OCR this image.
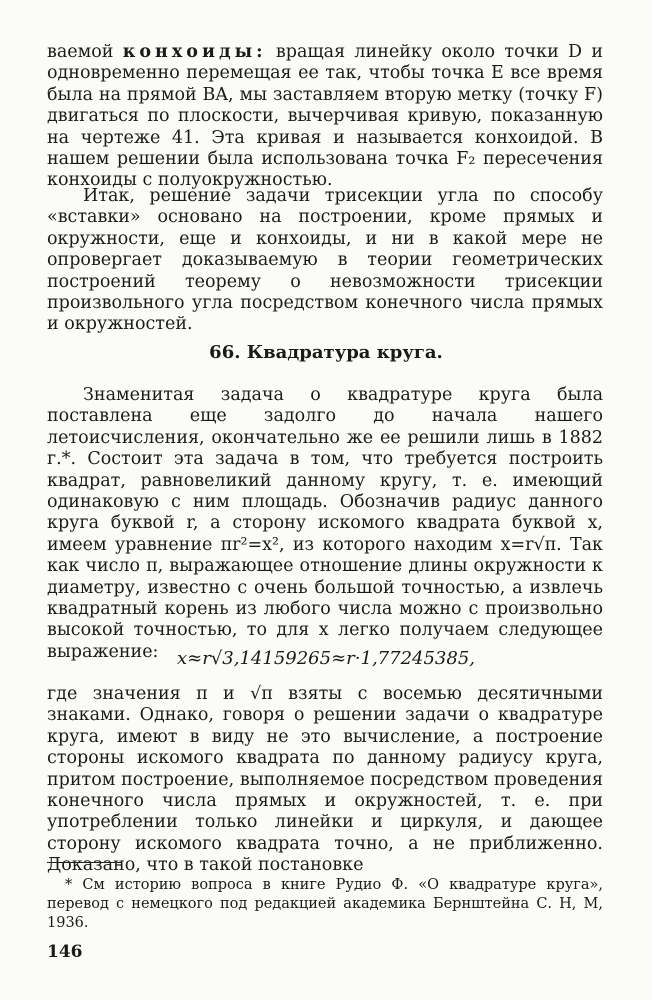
ваемой конхоиды: вращая линейку около точки D и одновременно перемещая ее так, чтобы точка E все время была на прямой BA, мы заставляем вторую метку (точку F) двигаться по плоскости, вычерчивая кривую, показанную на чертеже 41. Эта кривая и называется конхоидой. В нашем решении была использована точка F₂ пересечения конхоиды с полуокружностью.

Итак, решение задачи трисекции угла по способу «вставки» основано на построении, кроме прямых и окружности, еще и конхоиды, и ни в какой мере не опровергает доказываемую в теории геометрических построений теорему о невозможности трисекции произвольного угла посредством конечного числа прямых и окружностей.

66. Квадратура круга.

Знаменитая задача о квадратуре круга была поставлена еще задолго до начала нашего летоисчисления, окончательно же ее решили лишь в 1882 г.*. Состоит эта задача в том, что требуется построить квадрат, равновеликий данному кругу, т. е. имеющий одинаковую с ним площадь. Обозначив радиус данного круга буквой r, а сторону искомого квадрата буквой x, имеем уравнение πr²=x², из которого находим x=r√π. Так как число π, выражающее отношение длины окружности к диаметру, известно с очень большой точностью, а извлечь квадратный корень из любого числа можно с произвольно высокой точностью, то для x легко получаем следующее выражение:	x≈r√3,14159265≈r·1,77245385,

где значения π и √π взяты с восемью десятичными знаками. Однако, говоря о решении задачи о квадратуре круга, имеют в виду не это вычисление, а построение стороны искомого квадрата по данному радиусу круга, притом построение, выполняемое посредством проведения конечного числа прямых и окружностей, т. е. при употреблении только линейки и циркуля, и дающее сторону искомого квадрата точно, а не приближенно. Доказано, что в такой постановке

* См историю вопроса в книге Рудио Ф. «О квадратуре круга», перевод с немецкого под редакцией академика Бернштейна С. Н, М, 1936.

146
